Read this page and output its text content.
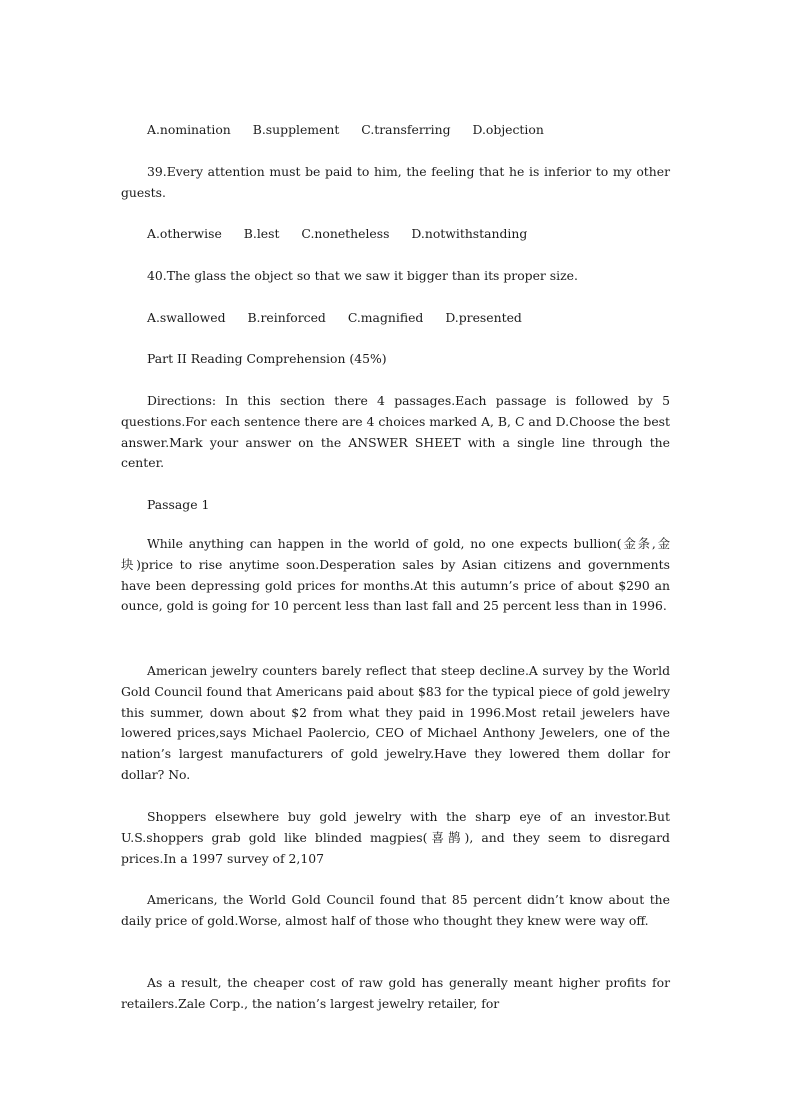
A.nomination B.supplement C.transferring D.objection

39.Every attention must be paid to him, the feeling that he is inferior to my other guests.

A.otherwise B.lest C.nonetheless D.notwithstanding

40.The glass the object so that we saw it bigger than its proper size.

A.swallowed B.reinforced C.magnified D.presented

Part II Reading Comprehension (45%)

Directions: In this section there 4 passages.Each passage is followed by 5 questions.For each sentence there are 4 choices marked A, B, C and D.Choose the best answer.Mark your answer on the ANSWER SHEET with a single line through the center.

Passage 1

While anything can happen in the world of gold, no one expects bullion(金条,金块)price to rise anytime soon.Desperation sales by Asian citizens and governments have been depressing gold prices for months.At this autumn’s price of about $290 an ounce, gold is going for 10 percent less than last fall and 25 percent less than in 1996.

American jewelry counters barely reflect that steep decline.A survey by the World Gold Council found that Americans paid about $83 for the typical piece of gold jewelry this summer, down about $2 from what they paid in 1996.Most retail jewelers have lowered prices,says Michael Paolercio, CEO of Michael Anthony Jewelers, one of the nation’s largest manufacturers of gold jewelry.Have they lowered them dollar for dollar? No.

Shoppers elsewhere buy gold jewelry with the sharp eye of an investor.But U.S.shoppers grab gold like blinded magpies(喜鹊), and they seem to disregard prices.In a 1997 survey of 2,107

Americans, the World Gold Council found that 85 percent didn’t know about the daily price of gold.Worse, almost half of those who thought they knew were way off.

As a result, the cheaper cost of raw gold has generally meant higher profits for retailers.Zale Corp., the nation’s largest jewelry retailer, for
